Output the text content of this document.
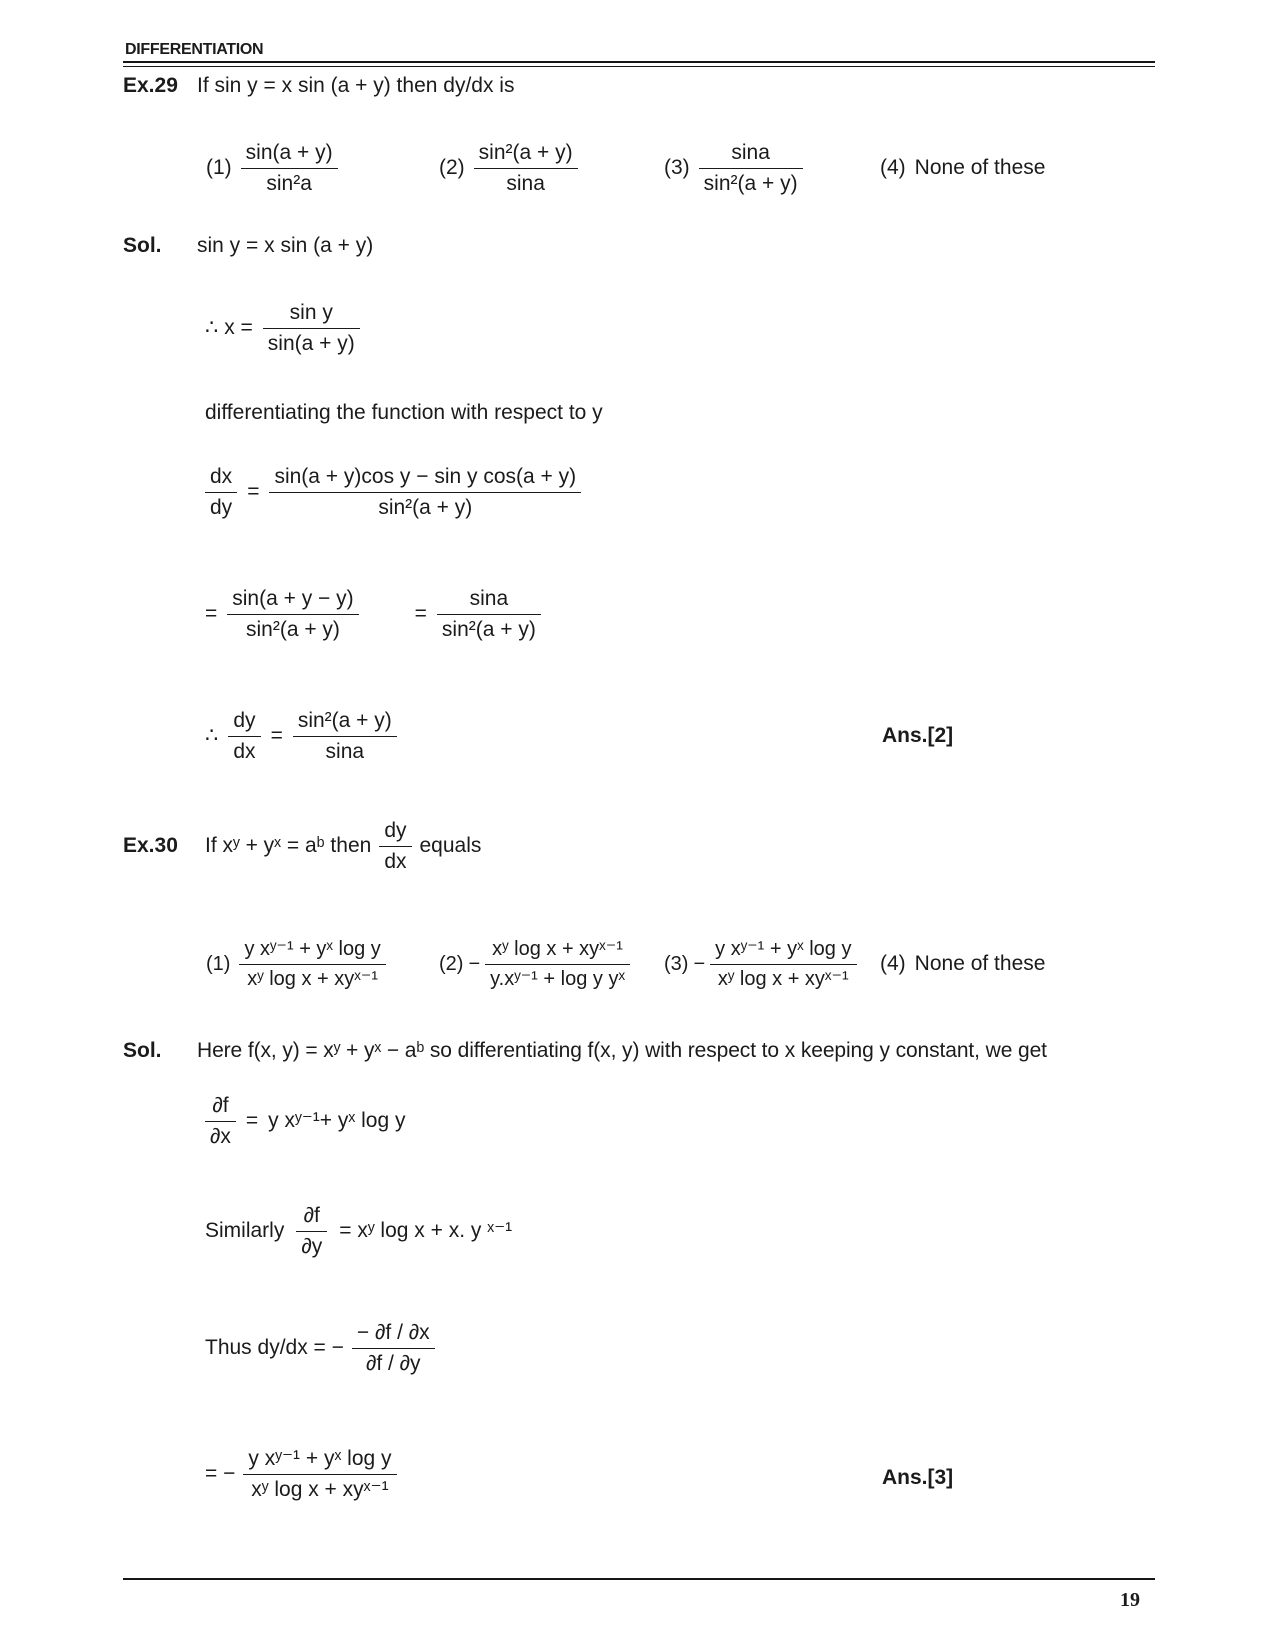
DIFFERENTIATION
Ex.29 If sin y = x sin (a + y) then dy/dx is
$(1) \frac{\sin(a + y)}{\text{sin²a}}$	$(2) \frac{\text{sin²(a + y)}}{\sin a}$	$(3) \frac{\sin a}{\text{sin²(a + y)}}$	(4) None of these
Sol.	sin y = x sin (a + y)
∴ $x = \frac{\text{sin y}}{\sin(a + y)}$
differentiating the function with respect to y
$\frac{dx}{dy} = \frac{\text{sin(a + y)cos y − sin y cos(a + y)}}{\text{sin²(a + y)}}$
= $\frac{\sin(a + y - y)}{\text{sin²(a + y)}}$	= $\frac{\sin a}{\text{sin²(a + y)}}$
∴ $\frac{dy}{dx} = \frac{\text{sin²(a + y)}}{\sin a}$	Ans.[2]
Ex.30	If xʸ + yˣ = aᵇ then $\frac{dy}{dx}$ equals
$(1) \frac{\text{y xʸ⁻¹ + yˣ log y}}{\text{xʸ log x + xyˣ⁻¹}}$	$(2) - \frac{\text{xʸ log x + xyˣ⁻¹}}{\text{y.xʸ⁻¹ + log y yˣ}} (3) - \frac{\text{y xʸ⁻¹ + yˣ log y}}{\text{xʸ log x + xyˣ⁻¹}} (4)$ None of these
Sol.	Here f(x, y) = xʸ + yˣ − aᵇ so differentiating f(x, y) with respect to x keeping y constant, we get
$\frac{\partial f}{\partial x} = y$ xʸ⁻¹+ yˣ log y
Similarly $\frac{\partial f}{\partial y}$ = xʸ log x + x. y ˣ⁻¹
Thus dy/dx = − $\frac{- \partial f / \partial x}{\partial f / \partial y}$
= − $\frac{\text{y xʸ⁻¹ + yˣ log y}}{\text{xʸ log x + xyˣ⁻¹}}$	Ans.[3]
19
